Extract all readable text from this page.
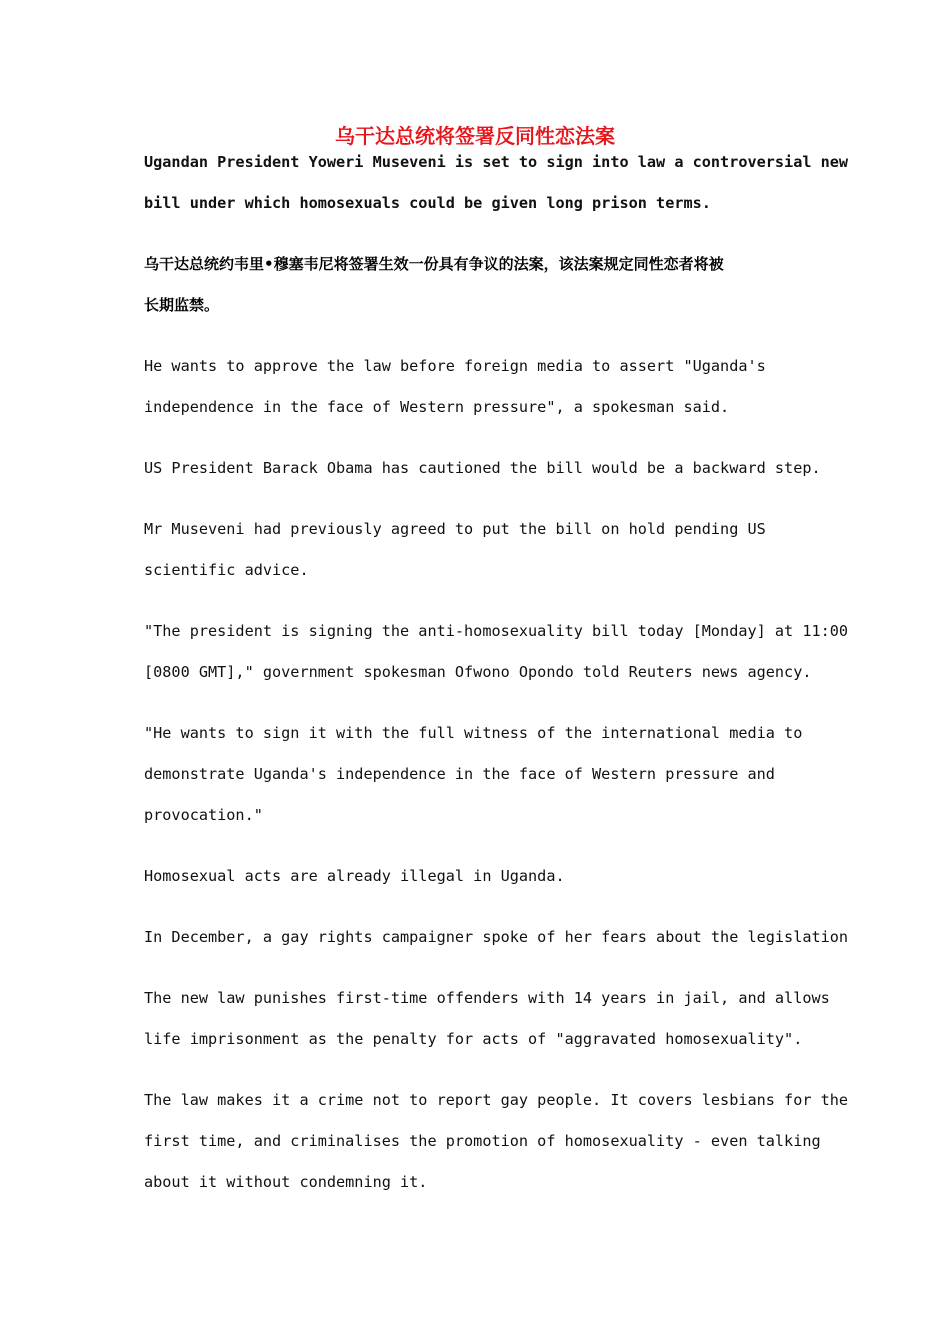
乌干达总统将签署反同性恋法案
Ugandan President Yoweri Museveni is set to sign into law a controversial new
bill under which homosexuals could be given long prison terms.
乌干达总统约韦里•穆塞韦尼将签署生效一份具有争议的法案，该法案规定同性恋者将被
长期监禁。
He wants to approve the law before foreign media to assert "Uganda's
independence in the face of Western pressure", a spokesman said.
US President Barack Obama has cautioned the bill would be a backward step.
Mr Museveni had previously agreed to put the bill on hold pending US
scientific advice.
"The president is signing the anti-homosexuality bill today [Monday] at 11:00
[0800 GMT]," government spokesman Ofwono Opondo told Reuters news agency.
"He wants to sign it with the full witness of the international media to
demonstrate Uganda's independence in the face of Western pressure and
provocation."
Homosexual acts are already illegal in Uganda.
In December, a gay rights campaigner spoke of her fears about the legislation
The new law punishes first-time offenders with 14 years in jail, and allows
life imprisonment as the penalty for acts of "aggravated homosexuality".
The law makes it a crime not to report gay people. It covers lesbians for the
first time, and criminalises the promotion of homosexuality - even talking
about it without condemning it.
